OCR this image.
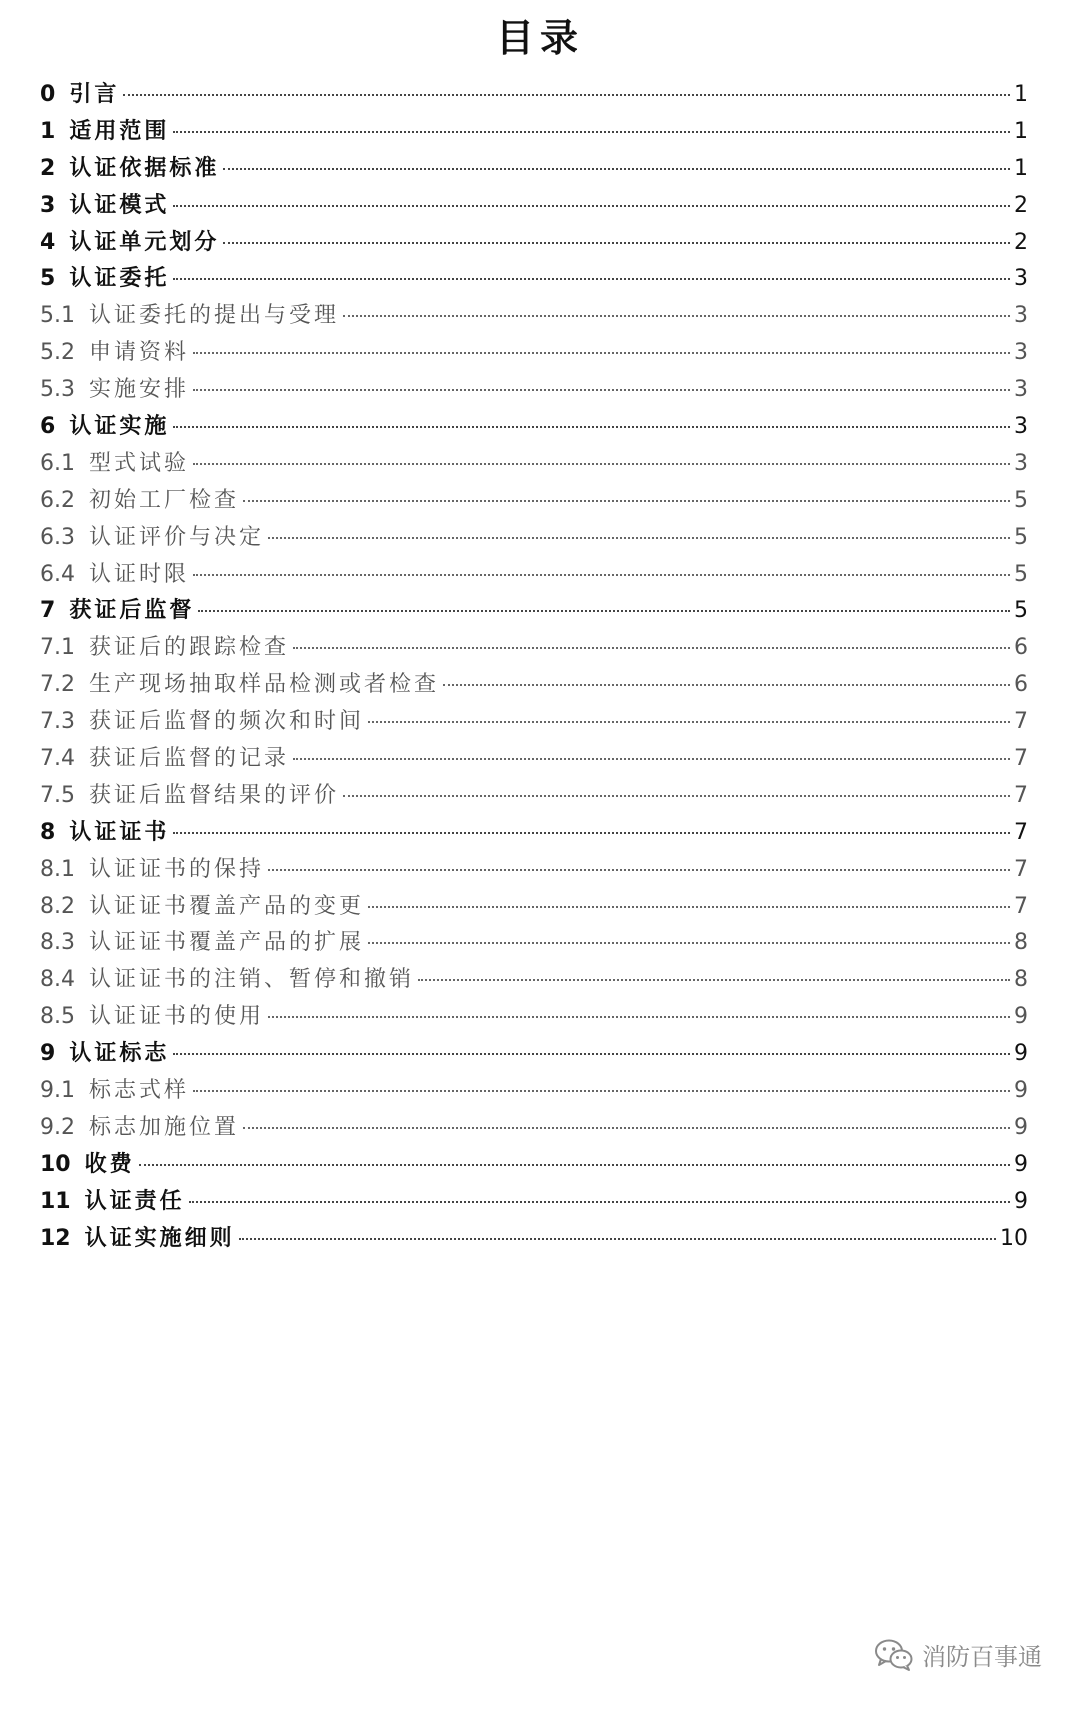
目录
0 引言	1
1 适用范围	1
2 认证依据标准	1
3 认证模式	2
4 认证单元划分	2
5 认证委托	3
5.1 认证委托的提出与受理	3
5.2 申请资料	3
5.3 实施安排	3
6 认证实施	3
6.1 型式试验	3
6.2 初始工厂检查	5
6.3 认证评价与决定	5
6.4 认证时限	5
7 获证后监督	5
7.1 获证后的跟踪检查	6
7.2 生产现场抽取样品检测或者检查	6
7.3 获证后监督的频次和时间	7
7.4 获证后监督的记录	7
7.5 获证后监督结果的评价	7
8 认证证书	7
8.1 认证证书的保持	7
8.2 认证证书覆盖产品的变更	7
8.3 认证证书覆盖产品的扩展	8
8.4 认证证书的注销、暂停和撤销	8
8.5 认证证书的使用	9
9 认证标志	9
9.1 标志式样	9
9.2 标志加施位置	9
10 收费	9
11 认证责任	9
12 认证实施细则	10
消防百事通
